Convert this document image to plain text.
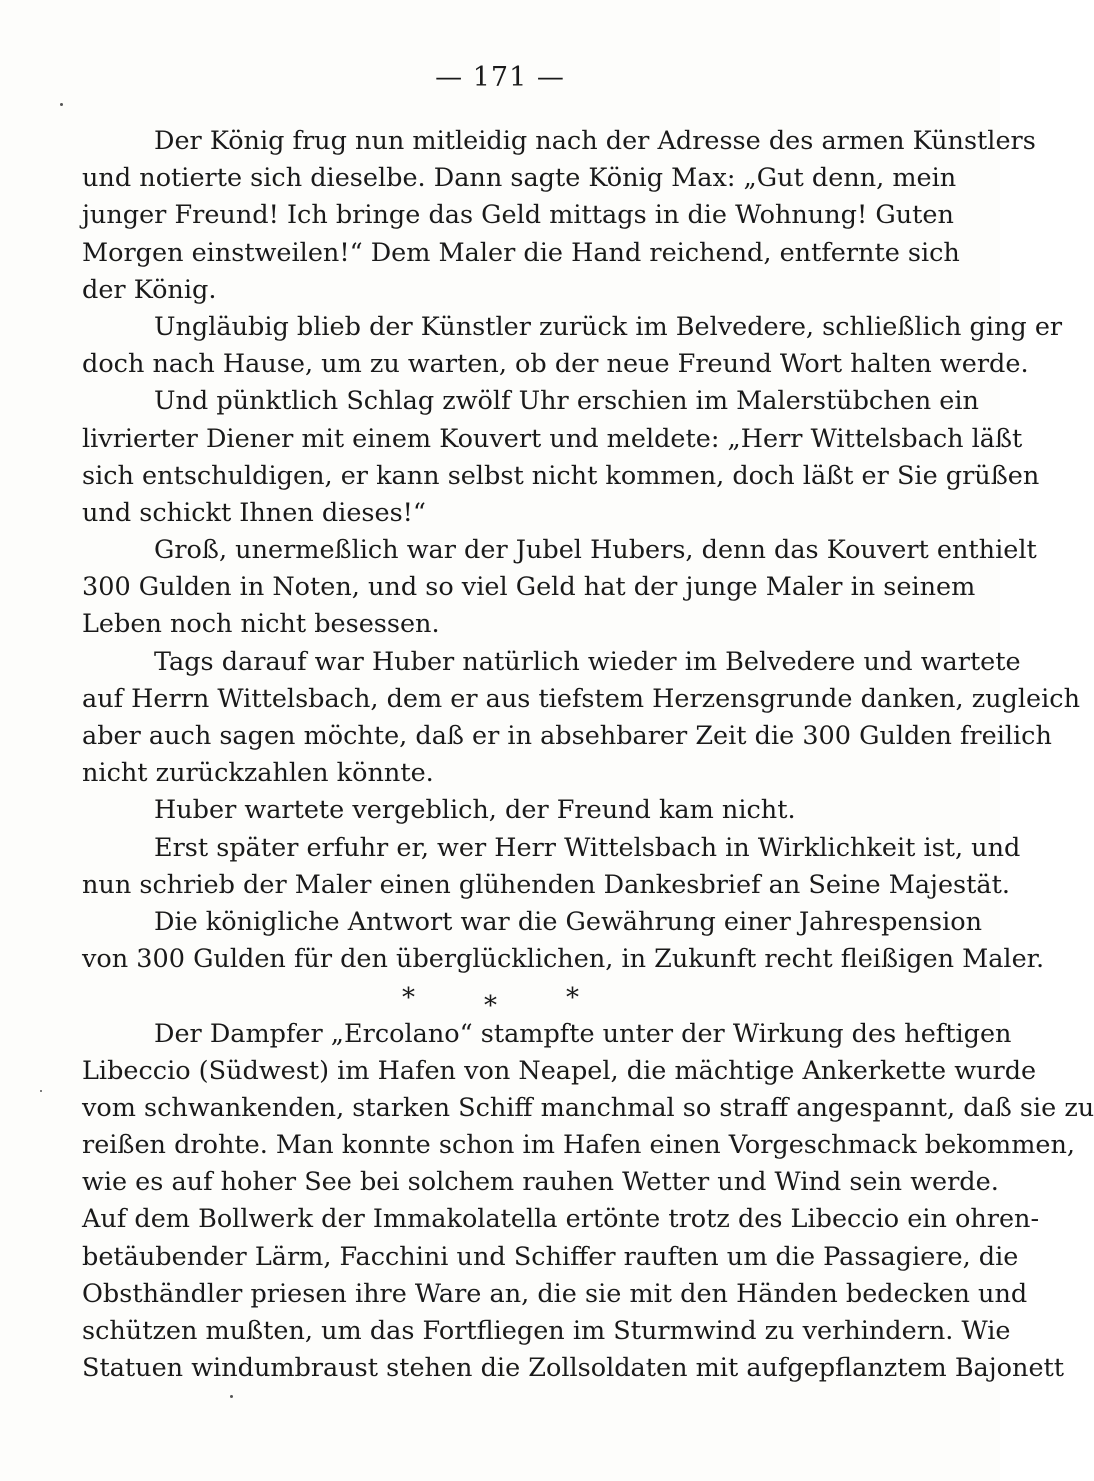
— 171 —
Der König frug nun mitleidig nach der Adresse des armen Künstlers
und notierte sich dieselbe. Dann sagte König Max: „Gut denn, mein
junger Freund! Ich bringe das Geld mittags in die Wohnung! Guten
Morgen einstweilen!“ Dem Maler die Hand reichend, entfernte sich
der König.
Ungläubig blieb der Künstler zurück im Belvedere, schließlich ging er
doch nach Hause, um zu warten, ob der neue Freund Wort halten werde.
Und pünktlich Schlag zwölf Uhr erschien im Malerstübchen ein
livrierter Diener mit einem Kouvert und meldete: „Herr Wittelsbach läßt
sich entschuldigen, er kann selbst nicht kommen, doch läßt er Sie grüßen
und schickt Ihnen dieses!“
Groß, unermeßlich war der Jubel Hubers, denn das Kouvert enthielt
300 Gulden in Noten, und so viel Geld hat der junge Maler in seinem
Leben noch nicht besessen.
Tags darauf war Huber natürlich wieder im Belvedere und wartete
auf Herrn Wittelsbach, dem er aus tiefstem Herzensgrunde danken, zugleich
aber auch sagen möchte, daß er in absehbarer Zeit die 300 Gulden freilich
nicht zurückzahlen könnte.
Huber wartete vergeblich, der Freund kam nicht.
Erst später erfuhr er, wer Herr Wittelsbach in Wirklichkeit ist, und
nun schrieb der Maler einen glühenden Dankesbrief an Seine Majestät.
Die königliche Antwort war die Gewährung einer Jahrespension
von 300 Gulden für den überglücklichen, in Zukunft recht fleißigen Maler.
*	*	*
Der Dampfer „Ercolano“ stampfte unter der Wirkung des heftigen
Libeccio (Südwest) im Hafen von Neapel, die mächtige Ankerkette wurde
vom schwankenden, starken Schiff manchmal so straff angespannt, daß sie zu
reißen drohte. Man konnte schon im Hafen einen Vorgeschmack bekommen,
wie es auf hoher See bei solchem rauhen Wetter und Wind sein werde.
Auf dem Bollwerk der Immakolatella ertönte trotz des Libeccio ein ohren-
betäubender Lärm, Facchini und Schiffer rauften um die Passagiere, die
Obsthändler priesen ihre Ware an, die sie mit den Händen bedecken und
schützen mußten, um das Fortfliegen im Sturmwind zu verhindern. Wie
Statuen windumbraust stehen die Zollsoldaten mit aufgepflanztem Bajonett
